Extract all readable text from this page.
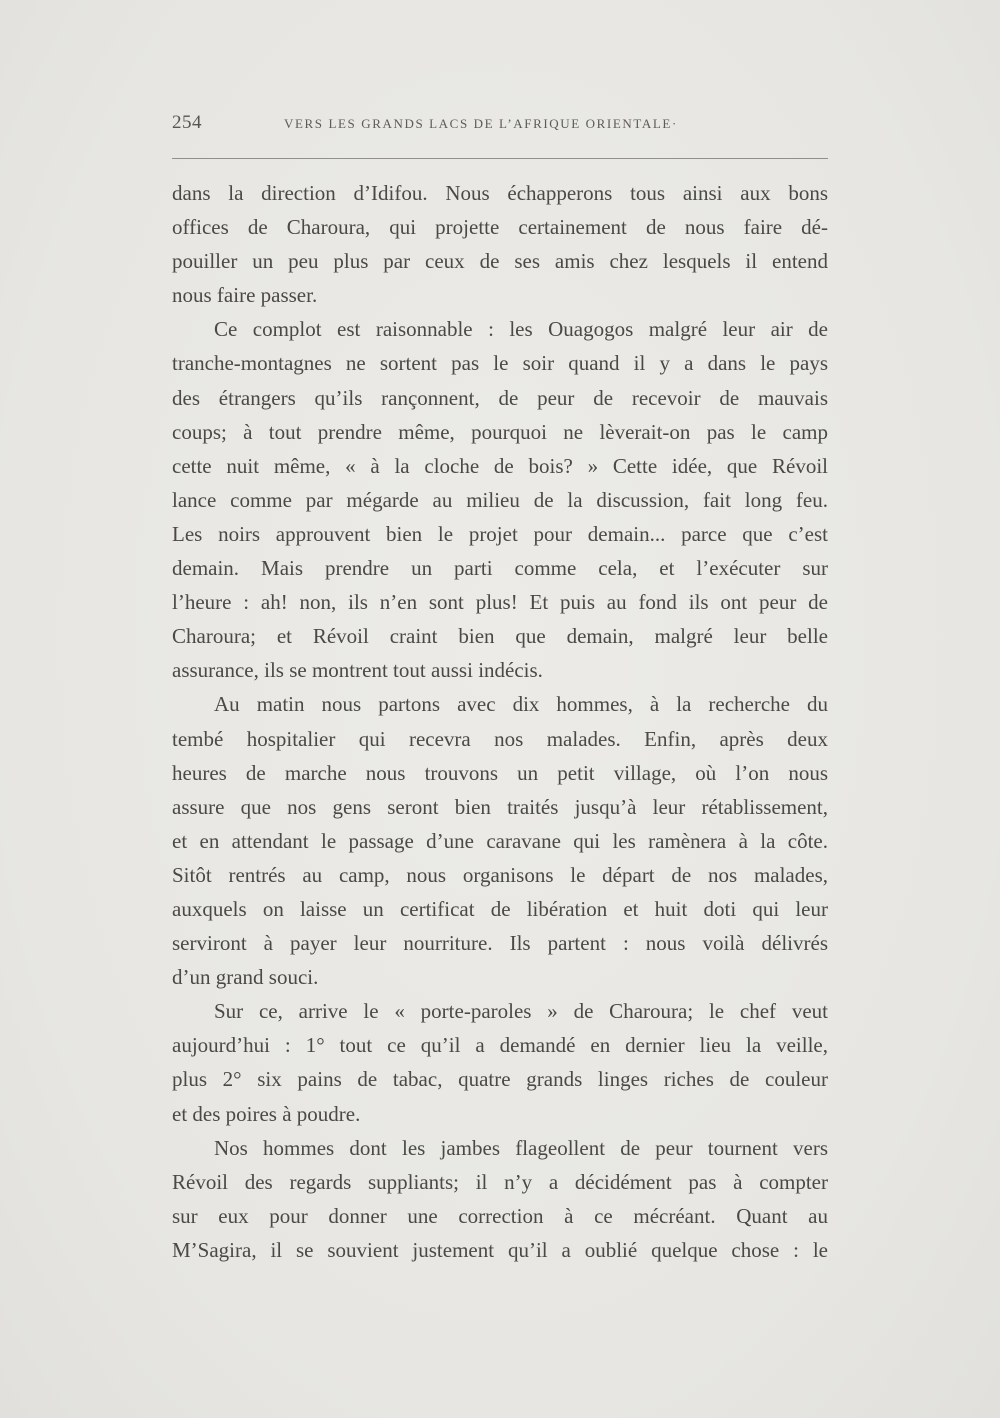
254	VERS LES GRANDS LACS DE L’AFRIQUE ORIENTALE·
dans la direction d’Idifou. Nous échapperons tous ainsi aux bons
offices de Charoura, qui projette certainement de nous faire dé-
pouiller un peu plus par ceux de ses amis chez lesquels il entend
nous faire passer.
Ce complot est raisonnable : les Ouagogos malgré leur air de
tranche-montagnes ne sortent pas le soir quand il y a dans le pays
des étrangers qu’ils rançonnent, de peur de recevoir de mauvais
coups; à tout prendre même, pourquoi ne lèverait-on pas le camp
cette nuit même, « à la cloche de bois? » Cette idée, que Révoil
lance comme par mégarde au milieu de la discussion, fait long feu.
Les noirs approuvent bien le projet pour demain... parce que c’est
demain. Mais prendre un parti comme cela, et l’exécuter sur
l’heure : ah! non, ils n’en sont plus! Et puis au fond ils ont peur de
Charoura; et Révoil craint bien que demain, malgré leur belle
assurance, ils se montrent tout aussi indécis.
Au matin nous partons avec dix hommes, à la recherche du
tembé hospitalier qui recevra nos malades. Enfin, après deux
heures de marche nous trouvons un petit village, où l’on nous
assure que nos gens seront bien traités jusqu’à leur rétablissement,
et en attendant le passage d’une caravane qui les ramènera à la côte.
Sitôt rentrés au camp, nous organisons le départ de nos malades,
auxquels on laisse un certificat de libération et huit doti qui leur
serviront à payer leur nourriture. Ils partent : nous voilà délivrés
d’un grand souci.
Sur ce, arrive le « porte-paroles » de Charoura; le chef veut
aujourd’hui : 1° tout ce qu’il a demandé en dernier lieu la veille,
plus 2° six pains de tabac, quatre grands linges riches de couleur
et des poires à poudre.
Nos hommes dont les jambes flageollent de peur tournent vers
Révoil des regards suppliants; il n’y a décidément pas à compter
sur eux pour donner une correction à ce mécréant. Quant au
M’Sagira, il se souvient justement qu’il a oublié quelque chose : le
